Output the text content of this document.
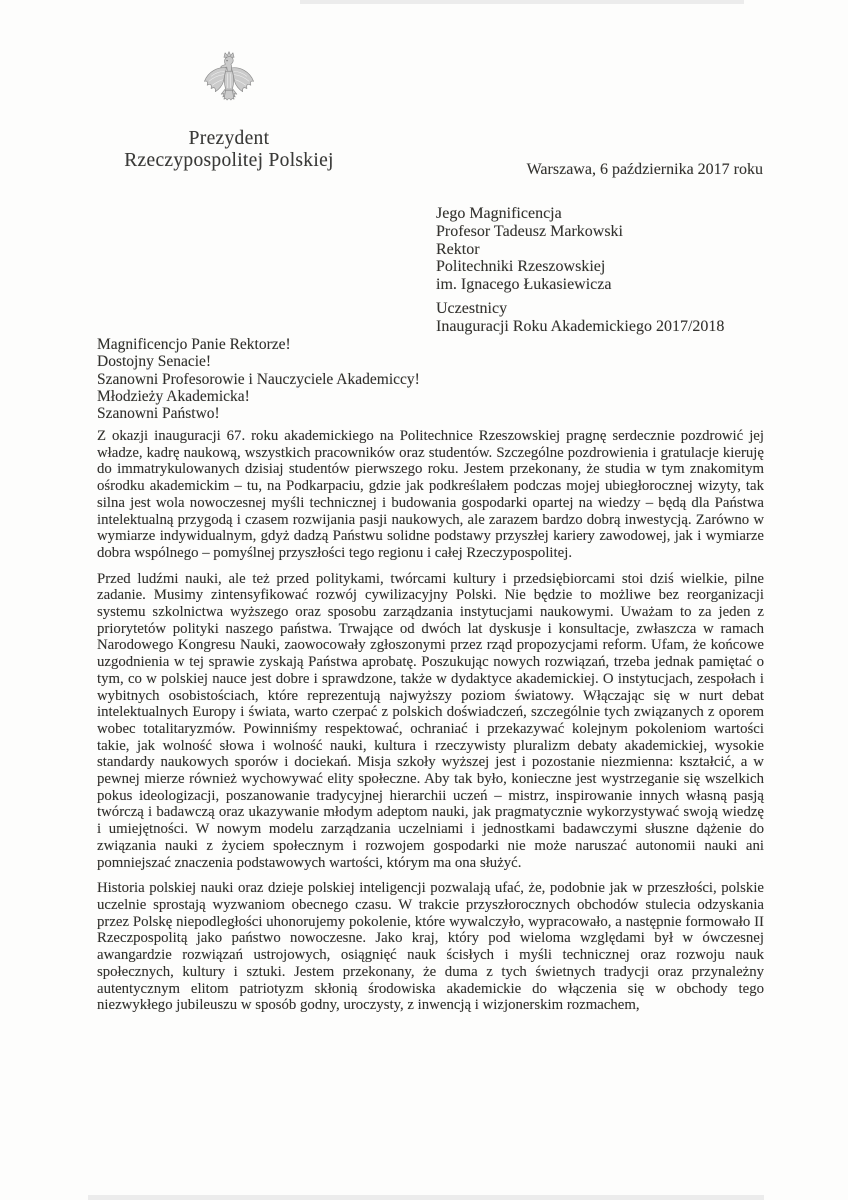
Prezydent
Rzeczypospolitej Polskiej	Warszawa, 6 października 2017 roku
Jego Magnificencja
Profesor Tadeusz Markowski
Rektor
Politechniki Rzeszowskiej
im. Ignacego Łukasiewicza
Uczestnicy
Inauguracji Roku Akademickiego 2017/2018
Magnificencjo Panie Rektorze!
Dostojny Senacie!
Szanowni Profesorowie i Nauczyciele Akademiccy!
Młodzieży Akademicka!
Szanowni Państwo!

Z okazji inauguracji 67. roku akademickiego na Politechnice Rzeszowskiej pragnę serdecznie pozdrowić jej władze, kadrę naukową, wszystkich pracowników oraz studentów. Szczególne pozdrowienia i gratulacje kieruję do immatrykulowanych dzisiaj studentów pierwszego roku. Jestem przekonany, że studia w tym znakomitym ośrodku akademickim – tu, na Podkarpaciu, gdzie jak podkreślałem podczas mojej ubiegłorocznej wizyty, tak silna jest wola nowoczesnej myśli technicznej i budowania gospodarki opartej na wiedzy – będą dla Państwa intelektualną przygodą i czasem rozwijania pasji naukowych, ale zarazem bardzo dobrą inwestycją. Zarówno w wymiarze indywidualnym, gdyż dadzą Państwu solidne podstawy przyszłej kariery zawodowej, jak i wymiarze dobra wspólnego – pomyślnej przyszłości tego regionu i całej Rzeczypospolitej.

Przed ludźmi nauki, ale też przed politykami, twórcami kultury i przedsiębiorcami stoi dziś wielkie, pilne zadanie. Musimy zintensyfikować rozwój cywilizacyjny Polski. Nie będzie to możliwe bez reorganizacji systemu szkolnictwa wyższego oraz sposobu zarządzania instytucjami naukowymi. Uważam to za jeden z priorytetów polityki naszego państwa. Trwające od dwóch lat dyskusje i konsultacje, zwłaszcza w ramach Narodowego Kongresu Nauki, zaowocowały zgłoszonymi przez rząd propozycjami reform. Ufam, że końcowe uzgodnienia w tej sprawie zyskają Państwa aprobatę. Poszukując nowych rozwiązań, trzeba jednak pamiętać o tym, co w polskiej nauce jest dobre i sprawdzone, także w dydaktyce akademickiej. O instytucjach, zespołach i wybitnych osobistościach, które reprezentują najwyższy poziom światowy. Włączając się w nurt debat intelektualnych Europy i świata, warto czerpać z polskich doświadczeń, szczególnie tych związanych z oporem wobec totalitaryzmów. Powinniśmy respektować, ochraniać i przekazywać kolejnym pokoleniom wartości takie, jak wolność słowa i wolność nauki, kultura i rzeczywisty pluralizm debaty akademickiej, wysokie standardy naukowych sporów i dociekań. Misja szkoły wyższej jest i pozostanie niezmienna: kształcić, a w pewnej mierze również wychowywać elity społeczne. Aby tak było, konieczne jest wystrzeganie się wszelkich pokus ideologizacji, poszanowanie tradycyjnej hierarchii uczeń – mistrz, inspirowanie innych własną pasją twórczą i badawczą oraz ukazywanie młodym adeptom nauki, jak pragmatycznie wykorzystywać swoją wiedzę i umiejętności. W nowym modelu zarządzania uczelniami i jednostkami badawczymi słuszne dążenie do związania nauki z życiem społecznym i rozwojem gospodarki nie może naruszać autonomii nauki ani pomniejszać znaczenia podstawowych wartości, którym ma ona służyć.

Historia polskiej nauki oraz dzieje polskiej inteligencji pozwalają ufać, że, podobnie jak w przeszłości, polskie uczelnie sprostają wyzwaniom obecnego czasu. W trakcie przyszłorocznych obchodów stulecia odzyskania przez Polskę niepodległości uhonorujemy pokolenie, które wywalczyło, wypracowało, a następnie formowało II Rzeczpospolitą jako państwo nowoczesne. Jako kraj, który pod wieloma względami był w ówczesnej awangardzie rozwiązań ustrojowych, osiągnięć nauk ścisłych i myśli technicznej oraz rozwoju nauk społecznych, kultury i sztuki. Jestem przekonany, że duma z tych świetnych tradycji oraz przynależny autentycznym elitom patriotyzm skłonią środowiska akademickie do włączenia się w obchody tego niezwykłego jubileuszu w sposób godny, uroczysty, z inwencją i wizjonerskim rozmachem,
